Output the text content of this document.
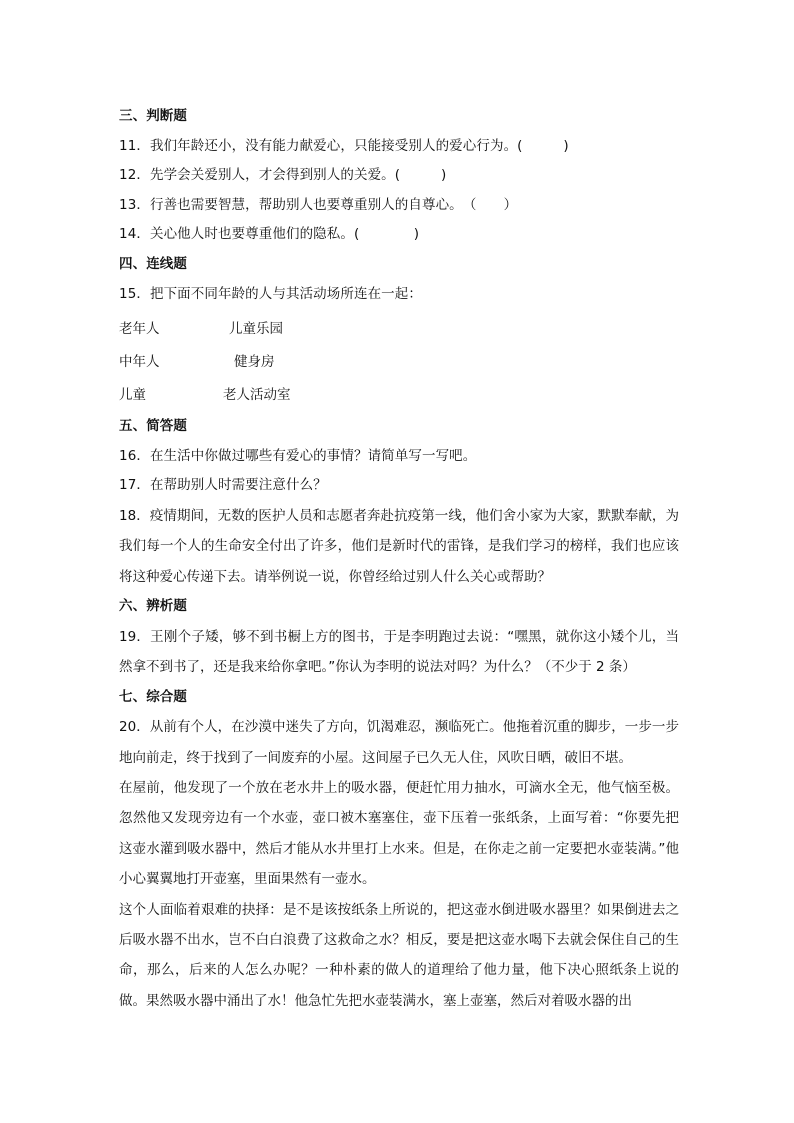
三、判断题
11．我们年龄还小，没有能力献爱心，只能接受别人的爱心行为。(　　　)
12．先学会关爱别人，才会得到别人的关爱。(　　　)
13．行善也需要智慧，帮助别人也要尊重别人的自尊心。　（　　）
14．关心他人时也要尊重他们的隐私。(　　　　)
四、连线题
15．把下面不同年龄的人与其活动场所连在一起：
老年人	儿童乐园
中年人	健身房
儿童	老人活动室
五、简答题
16．在生活中你做过哪些有爱心的事情？请简单写一写吧。
17．在帮助别人时需要注意什么？

18．疫情期间，无数的医护人员和志愿者奔赴抗疫第一线，他们舍小家为大家，默默奉献，为我们每一个人的生命安全付出了许多，他们是新时代的雷锋，是我们学习的榜样，我们也应该将这种爱心传递下去。请举例说一说，你曾经给过别人什么关心或帮助？

六、辨析题

19．王刚个子矮，够不到书橱上方的图书，于是李明跑过去说：“嘿黑，就你这小矮个儿，当然拿不到书了，还是我来给你拿吧。”你认为李明的说法对吗？为什么？（不少于 2 条）

七、综合题

20．从前有个人，在沙漠中迷失了方向，饥渴难忍，濒临死亡。他拖着沉重的脚步，一步一步地向前走，终于找到了一间废弃的小屋。这间屋子已久无人住，风吹日晒，破旧不堪。

在屋前，他发现了一个放在老水井上的吸水器，便赶忙用力抽水，可滴水全无，他气恼至极。忽然他又发现旁边有一个水壶，壶口被木塞塞住，壶下压着一张纸条，上面写着：“你要先把这壶水灌到吸水器中，然后才能从水井里打上水来。但是，在你走之前一定要把水壶装满。”他小心翼翼地打开壶塞，里面果然有一壶水。

这个人面临着艰难的抉择：是不是该按纸条上所说的，把这壶水倒进吸水器里？如果倒进去之后吸水器不出水，岂不白白浪费了这救命之水？相反，要是把这壶水喝下去就会保住自己的生命，那么，后来的人怎么办呢？一种朴素的做人的道理给了他力量，他下决心照纸条上说的做。果然吸水器中涌出了水！他急忙先把水壶装满水，塞上壶塞，然后对着吸水器的出
